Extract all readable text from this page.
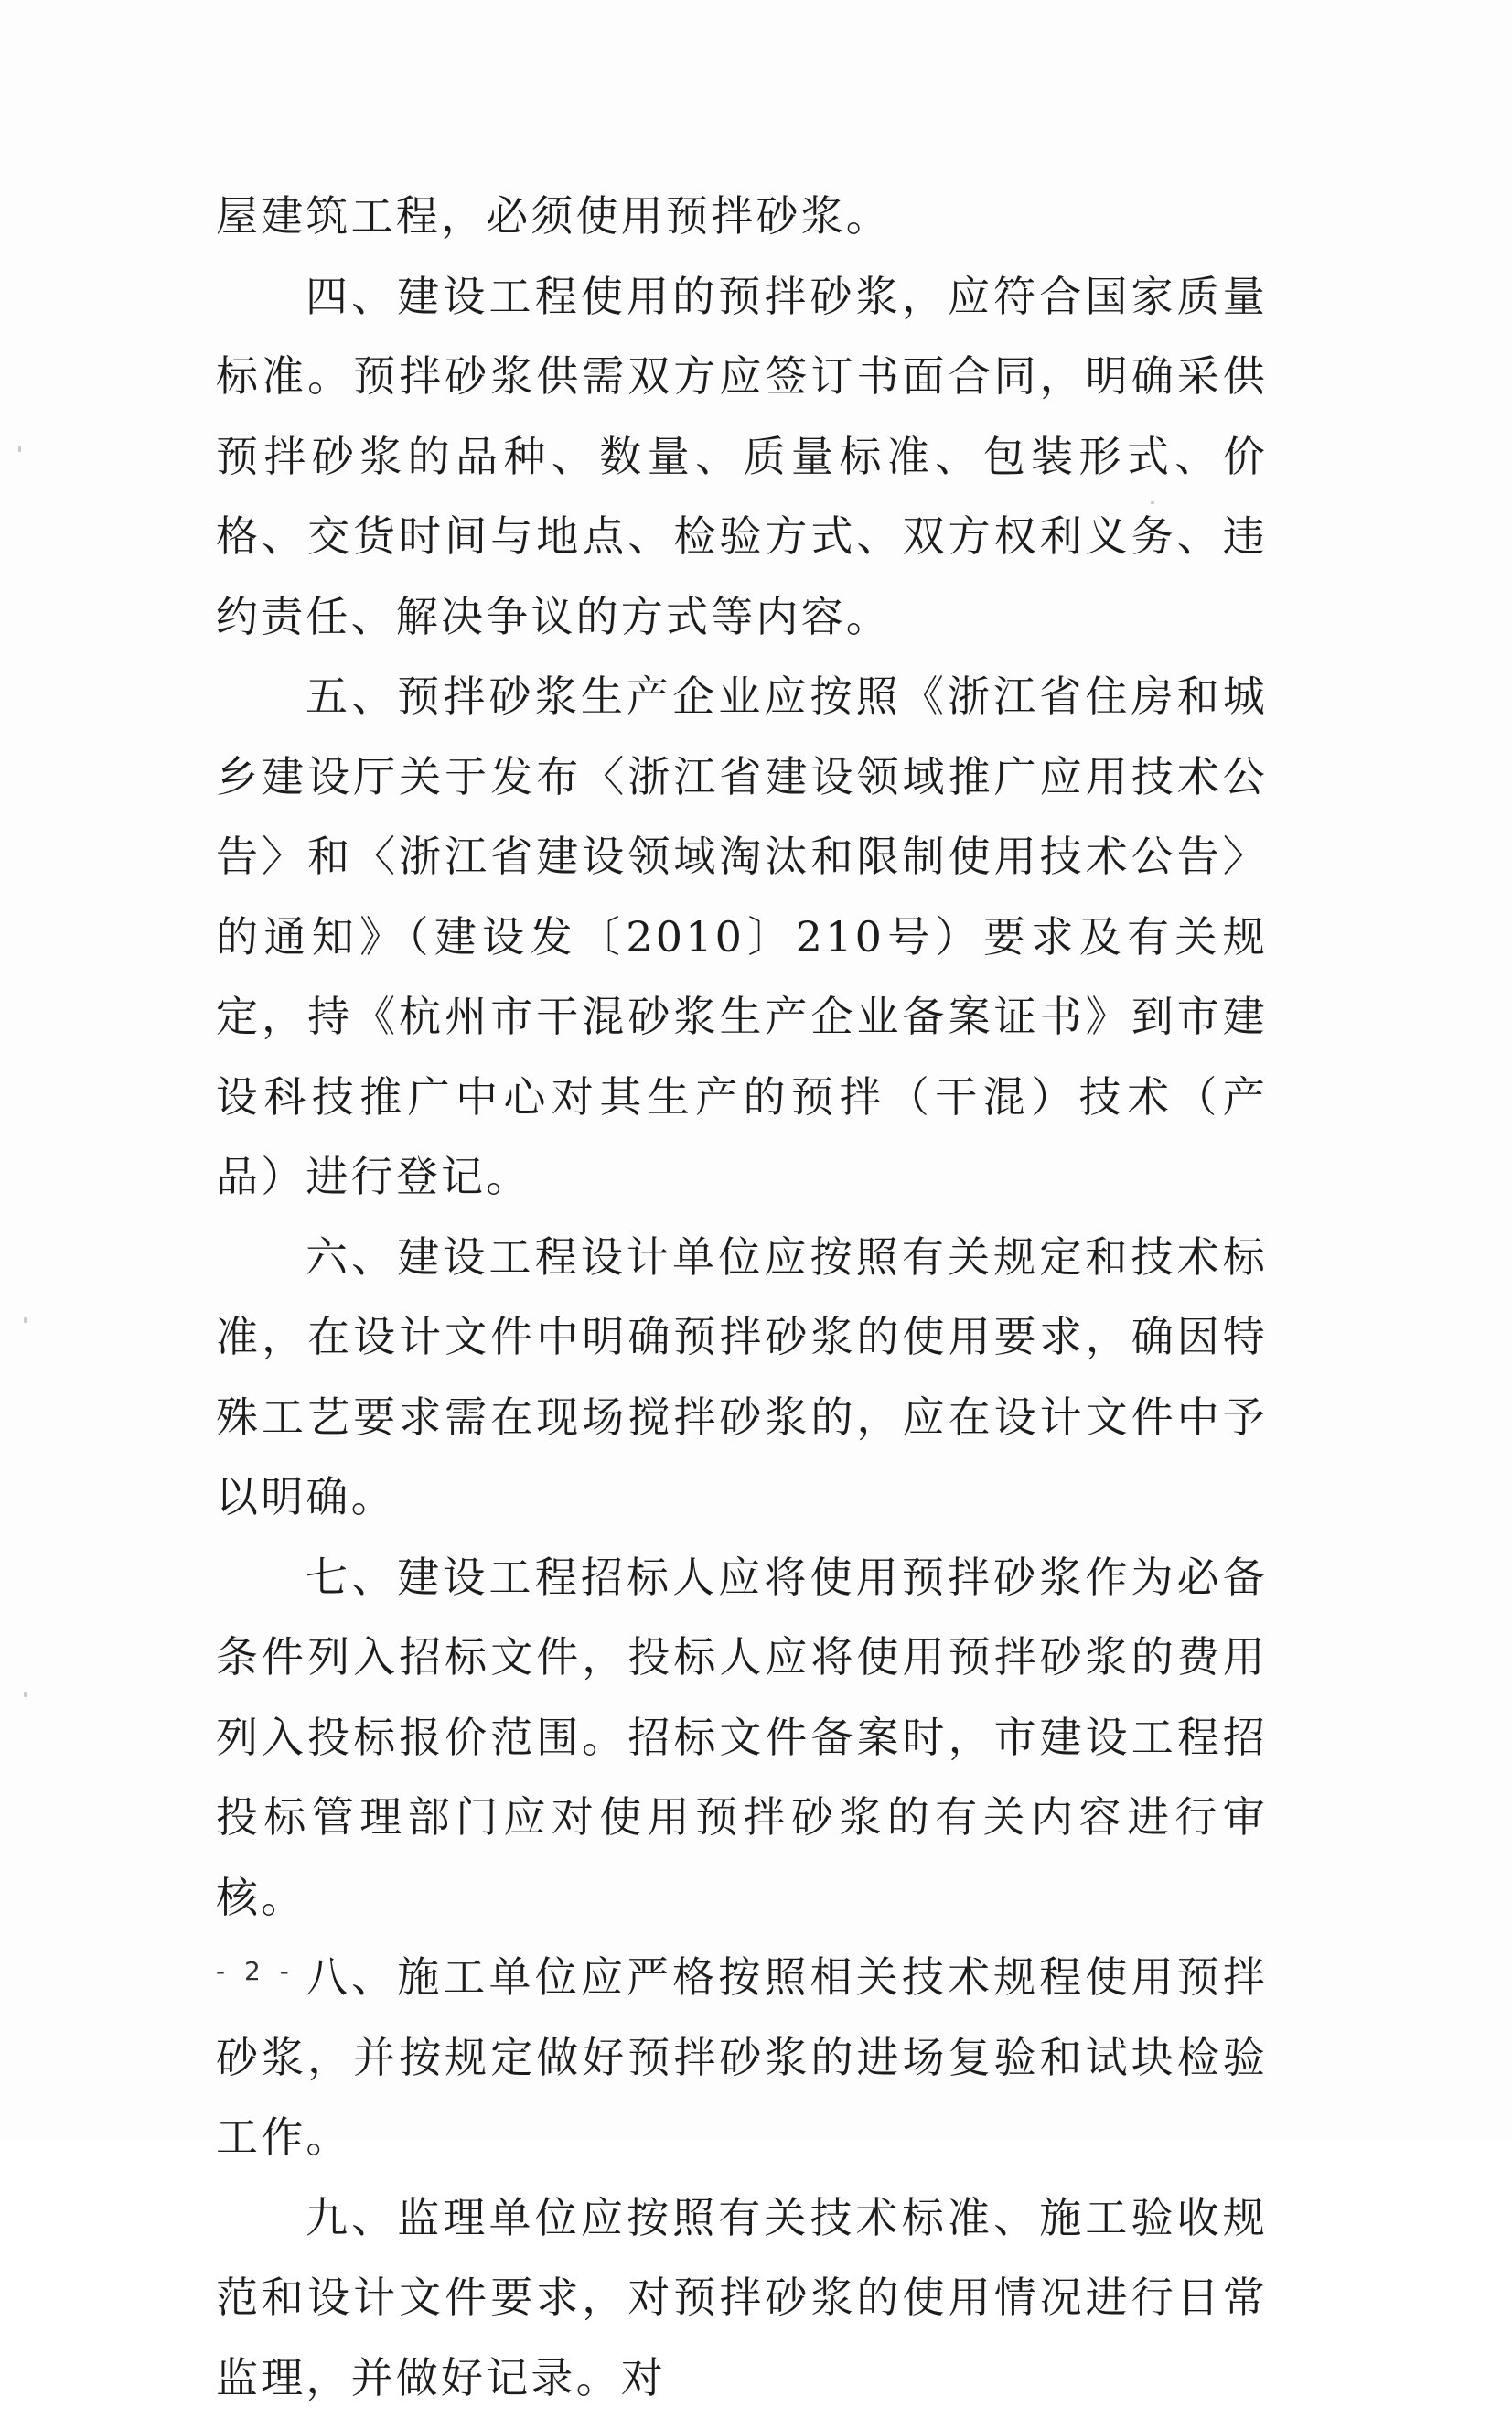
屋建筑工程，必须使用预拌砂浆。

四、建设工程使用的预拌砂浆，应符合国家质量标准。预拌砂浆供需双方应签订书面合同，明确采供预拌砂浆的品种、数量、质量标准、包装形式、价格、交货时间与地点、检验方式、双方权利义务、违约责任、解决争议的方式等内容。

五、预拌砂浆生产企业应按照《浙江省住房和城乡建设厅关于发布〈浙江省建设领域推广应用技术公告〉和〈浙江省建设领域淘汰和限制使用技术公告〉的通知》（建设发〔2010〕210号）要求及有关规定，持《杭州市干混砂浆生产企业备案证书》到市建设科技推广中心对其生产的预拌（干混）技术（产品）进行登记。

六、建设工程设计单位应按照有关规定和技术标准，在设计文件中明确预拌砂浆的使用要求，确因特殊工艺要求需在现场搅拌砂浆的，应在设计文件中予以明确。

七、建设工程招标人应将使用预拌砂浆作为必备条件列入招标文件，投标人应将使用预拌砂浆的费用列入投标报价范围。招标文件备案时，市建设工程招投标管理部门应对使用预拌砂浆的有关内容进行审核。

八、施工单位应严格按照相关技术规程使用预拌砂浆，并按规定做好预拌砂浆的进场复验和试块检验工作。

九、监理单位应按照有关技术标准、施工验收规范和设计文件要求，对预拌砂浆的使用情况进行日常监理，并做好记录。对

- 2 -
